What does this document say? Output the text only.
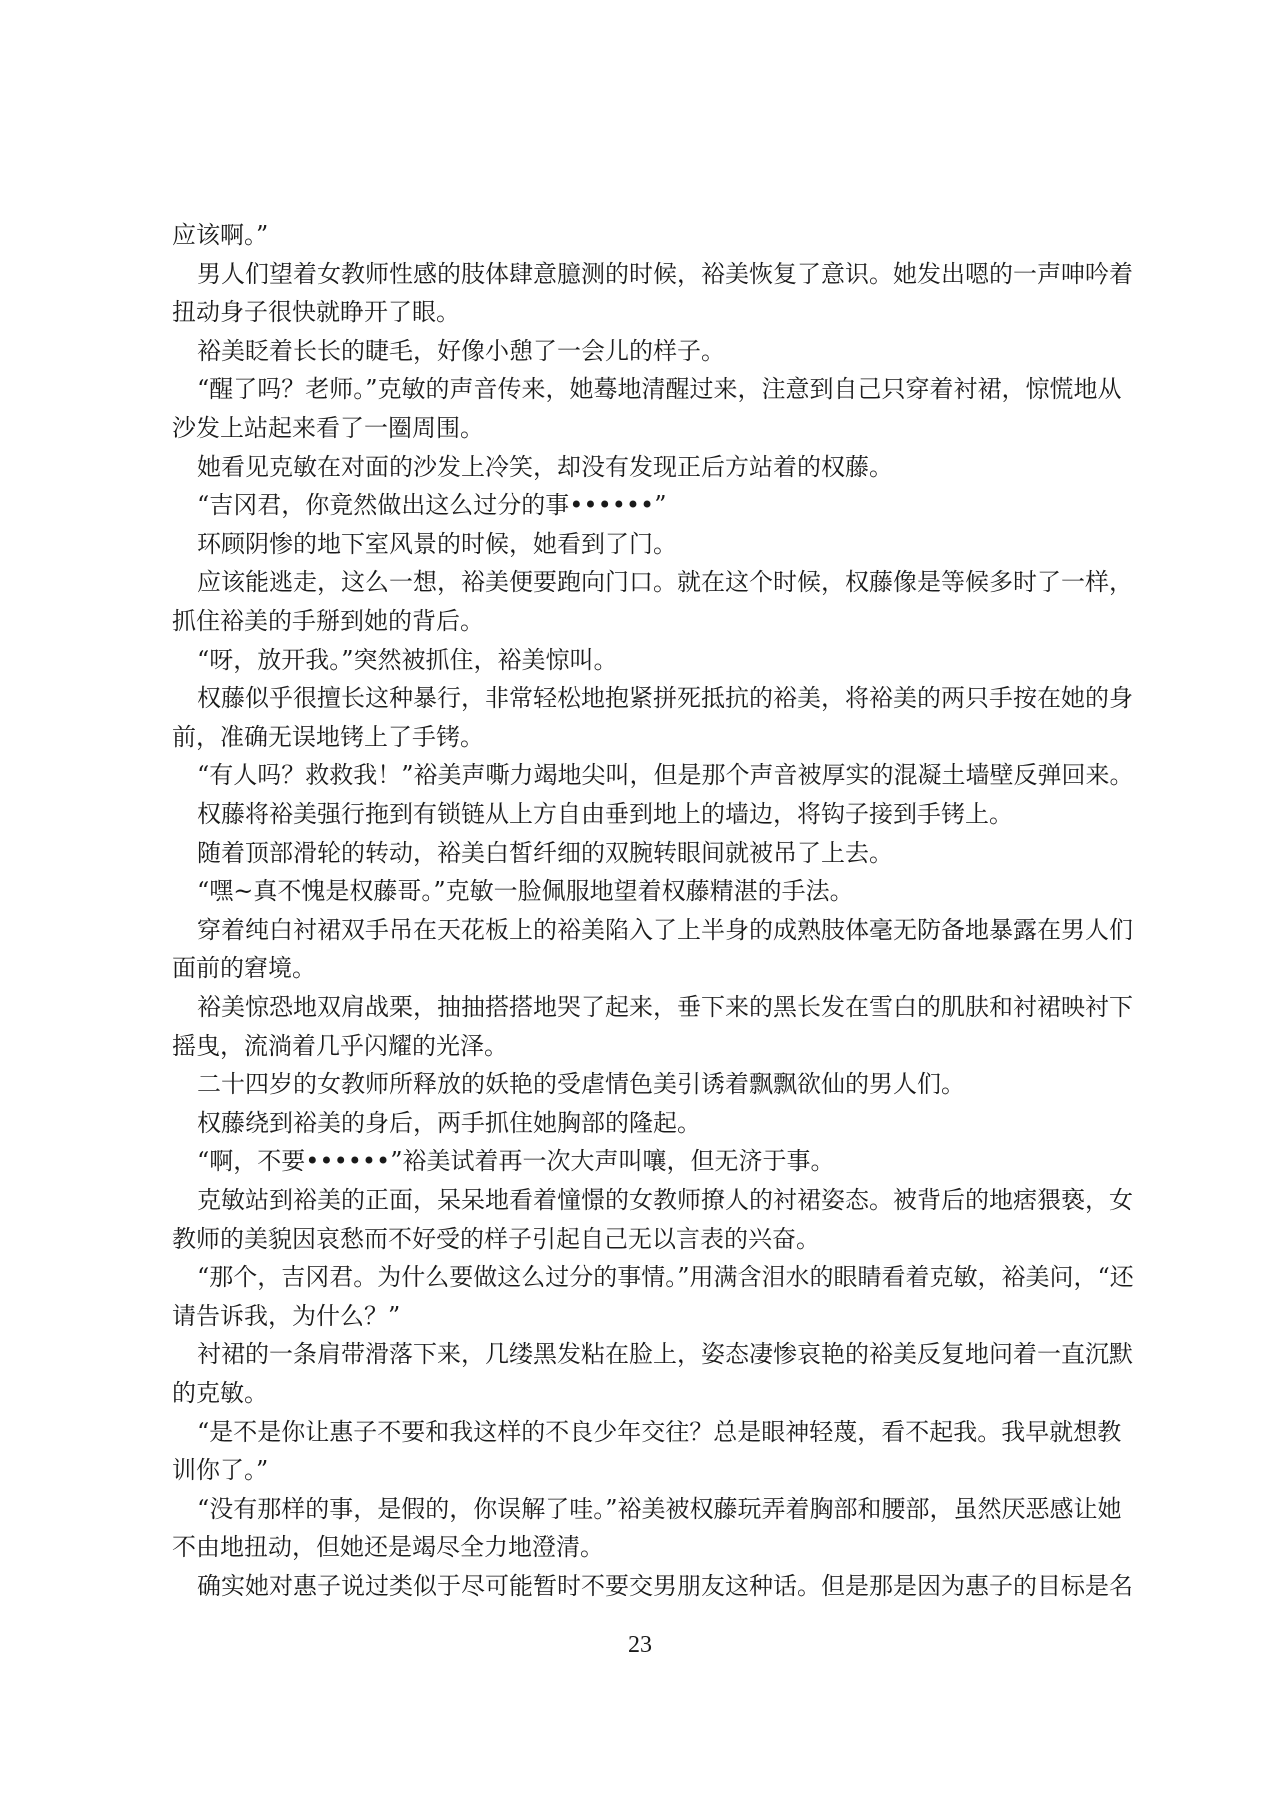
应该啊。”
男人们望着女教师性感的肢体肆意臆测的时候，裕美恢复了意识。她发出嗯的一声呻吟着
扭动身子很快就睁开了眼。
裕美眨着长长的睫毛，好像小憩了一会儿的样子。
“醒了吗？老师。”克敏的声音传来，她蓦地清醒过来，注意到自己只穿着衬裙，惊慌地从
沙发上站起来看了一圈周围。
她看见克敏在对面的沙发上冷笑，却没有发现正后方站着的权藤。
“吉冈君，你竟然做出这么过分的事••••••”
环顾阴惨的地下室风景的时候，她看到了门。
应该能逃走，这么一想，裕美便要跑向门口。就在这个时候，权藤像是等候多时了一样，
抓住裕美的手掰到她的背后。
“呀，放开我。”突然被抓住，裕美惊叫。
权藤似乎很擅长这种暴行，非常轻松地抱紧拼死抵抗的裕美，将裕美的两只手按在她的身
前，准确无误地铐上了手铐。
“有人吗？救救我！”裕美声嘶力竭地尖叫，但是那个声音被厚实的混凝土墙壁反弹回来。
权藤将裕美强行拖到有锁链从上方自由垂到地上的墙边，将钩子接到手铐上。
随着顶部滑轮的转动，裕美白皙纤细的双腕转眼间就被吊了上去。
“嘿~真不愧是权藤哥。”克敏一脸佩服地望着权藤精湛的手法。
穿着纯白衬裙双手吊在天花板上的裕美陷入了上半身的成熟肢体毫无防备地暴露在男人们
面前的窘境。
裕美惊恐地双肩战栗，抽抽搭搭地哭了起来，垂下来的黑长发在雪白的肌肤和衬裙映衬下
摇曳，流淌着几乎闪耀的光泽。
二十四岁的女教师所释放的妖艳的受虐情色美引诱着飘飘欲仙的男人们。
权藤绕到裕美的身后，两手抓住她胸部的隆起。
“啊，不要••••••”裕美试着再一次大声叫嚷，但无济于事。
克敏站到裕美的正面，呆呆地看着憧憬的女教师撩人的衬裙姿态。被背后的地痞猥亵，女
教师的美貌因哀愁而不好受的样子引起自己无以言表的兴奋。
“那个，吉冈君。为什么要做这么过分的事情。”用满含泪水的眼睛看着克敏，裕美问，“还
请告诉我，为什么？”
衬裙的一条肩带滑落下来，几缕黑发粘在脸上，姿态凄惨哀艳的裕美反复地问着一直沉默
的克敏。
“是不是你让惠子不要和我这样的不良少年交往？总是眼神轻蔑，看不起我。我早就想教
训你了。”
“没有那样的事，是假的，你误解了哇。”裕美被权藤玩弄着胸部和腰部，虽然厌恶感让她
不由地扭动，但她还是竭尽全力地澄清。
确实她对惠子说过类似于尽可能暂时不要交男朋友这种话。但是那是因为惠子的目标是名
23
